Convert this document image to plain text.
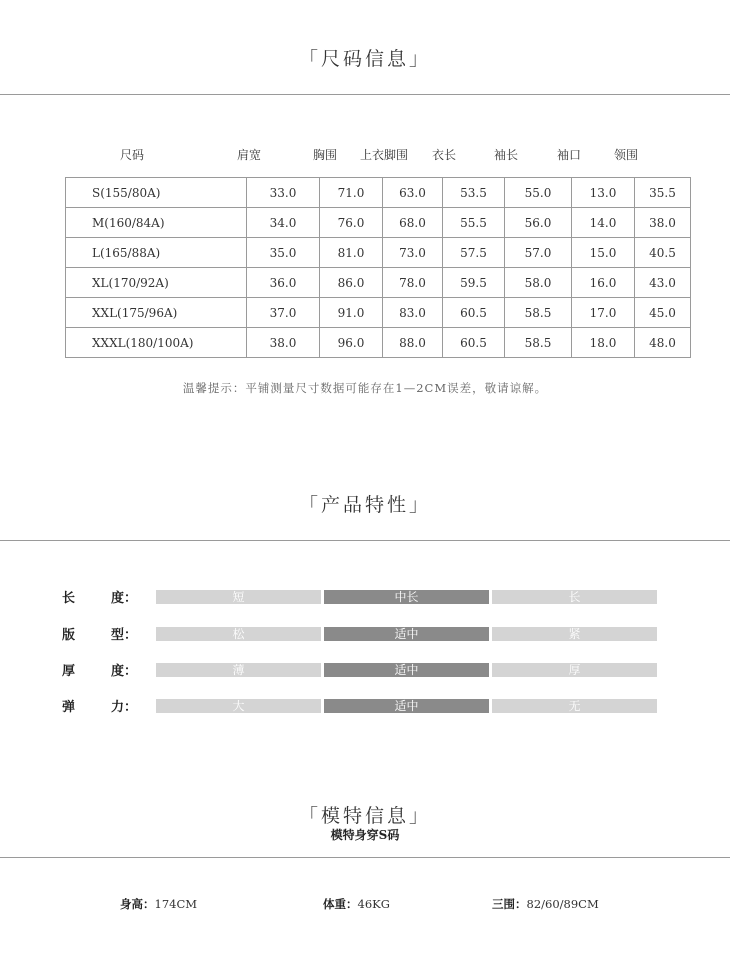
「尺码信息」
尺码	肩宽	胸围	上衣脚围	衣长	袖长	袖口	领围
S(155/80A)	33.0	71.0	63.0	53.5	55.0	13.0	35.5
M(160/84A)	34.0	76.0	68.0	55.5	56.0	14.0	38.0
L(165/88A)	35.0	81.0	73.0	57.5	57.0	15.0	40.5
XL(170/92A)	36.0	86.0	78.0	59.5	58.0	16.0	43.0
XXL(175/96A)	37.0	91.0	83.0	60.5	58.5	17.0	45.0
XXXL(180/100A)	38.0	96.0	88.0	60.5	58.5	18.0	48.0
温馨提示：平铺测量尺寸数据可能存在1—2CM误差，敬请谅解。
「产品特性」
长	度：	短	中长	长
版	型：	松	适中	紧
厚	度：	薄	适中	厚
弹	力：	大	适中	无
「模特信息」
模特身穿S码
身高：174CM	体重：46KG	三围：82/60/89CM
